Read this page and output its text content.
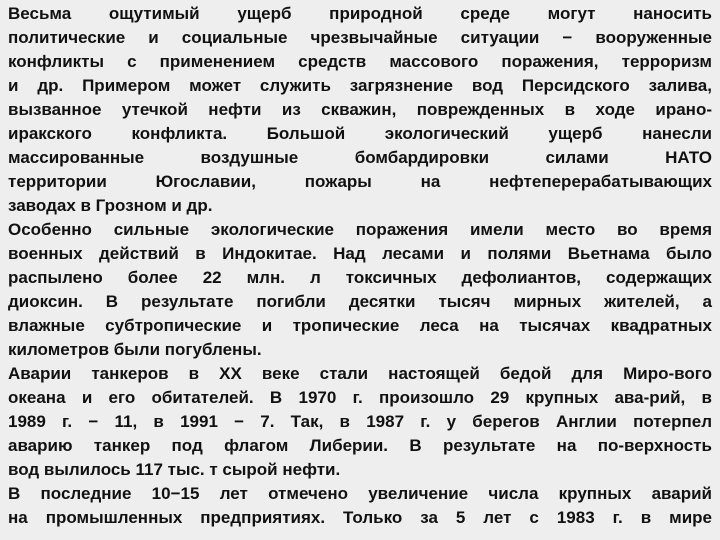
Весьма ощутимый ущерб природной среде могут наносить
политические и социальные чрезвычайные ситуации − вооруженные
конфликты с применением средств массового поражения, терроризм
и др. Примером может служить загрязнение вод Персидского залива,
вызванное утечкой нефти из скважин, поврежденных в ходе ирано-
иракского конфликта. Большой экологический ущерб нанесли
массированные воздушные бомбардировки силами НАТО
территории Югославии, пожары на нефтеперерабатывающих
заводах в Грозном и др.
Особенно сильные экологические поражения имели место во время
военных действий в Индокитае. Над лесами и полями Вьетнама было
распылено более 22 млн. л токсичных дефолиантов, содержащих
диоксин. В результате погибли десятки тысяч мирных жителей, а
влажные субтропические и тропические леса на тысячах квадратных
километров были погублены.
Аварии танкеров в XX веке стали настоящей бедой для Миро-вого
океана и его обитателей. В 1970 г. произошло 29 крупных ава-рий, в
1989 г. − 11, в 1991 − 7. Так, в 1987 г. у берегов Англии потерпел
аварию танкер под флагом Либерии. В результате на по-верхность
вод вылилось 117 тыс. т сырой нефти.
В последние 10−15 лет отмечено увеличение числа крупных аварий
на промышленных предприятиях. Только за 5 лет с 1983 г. в мире
